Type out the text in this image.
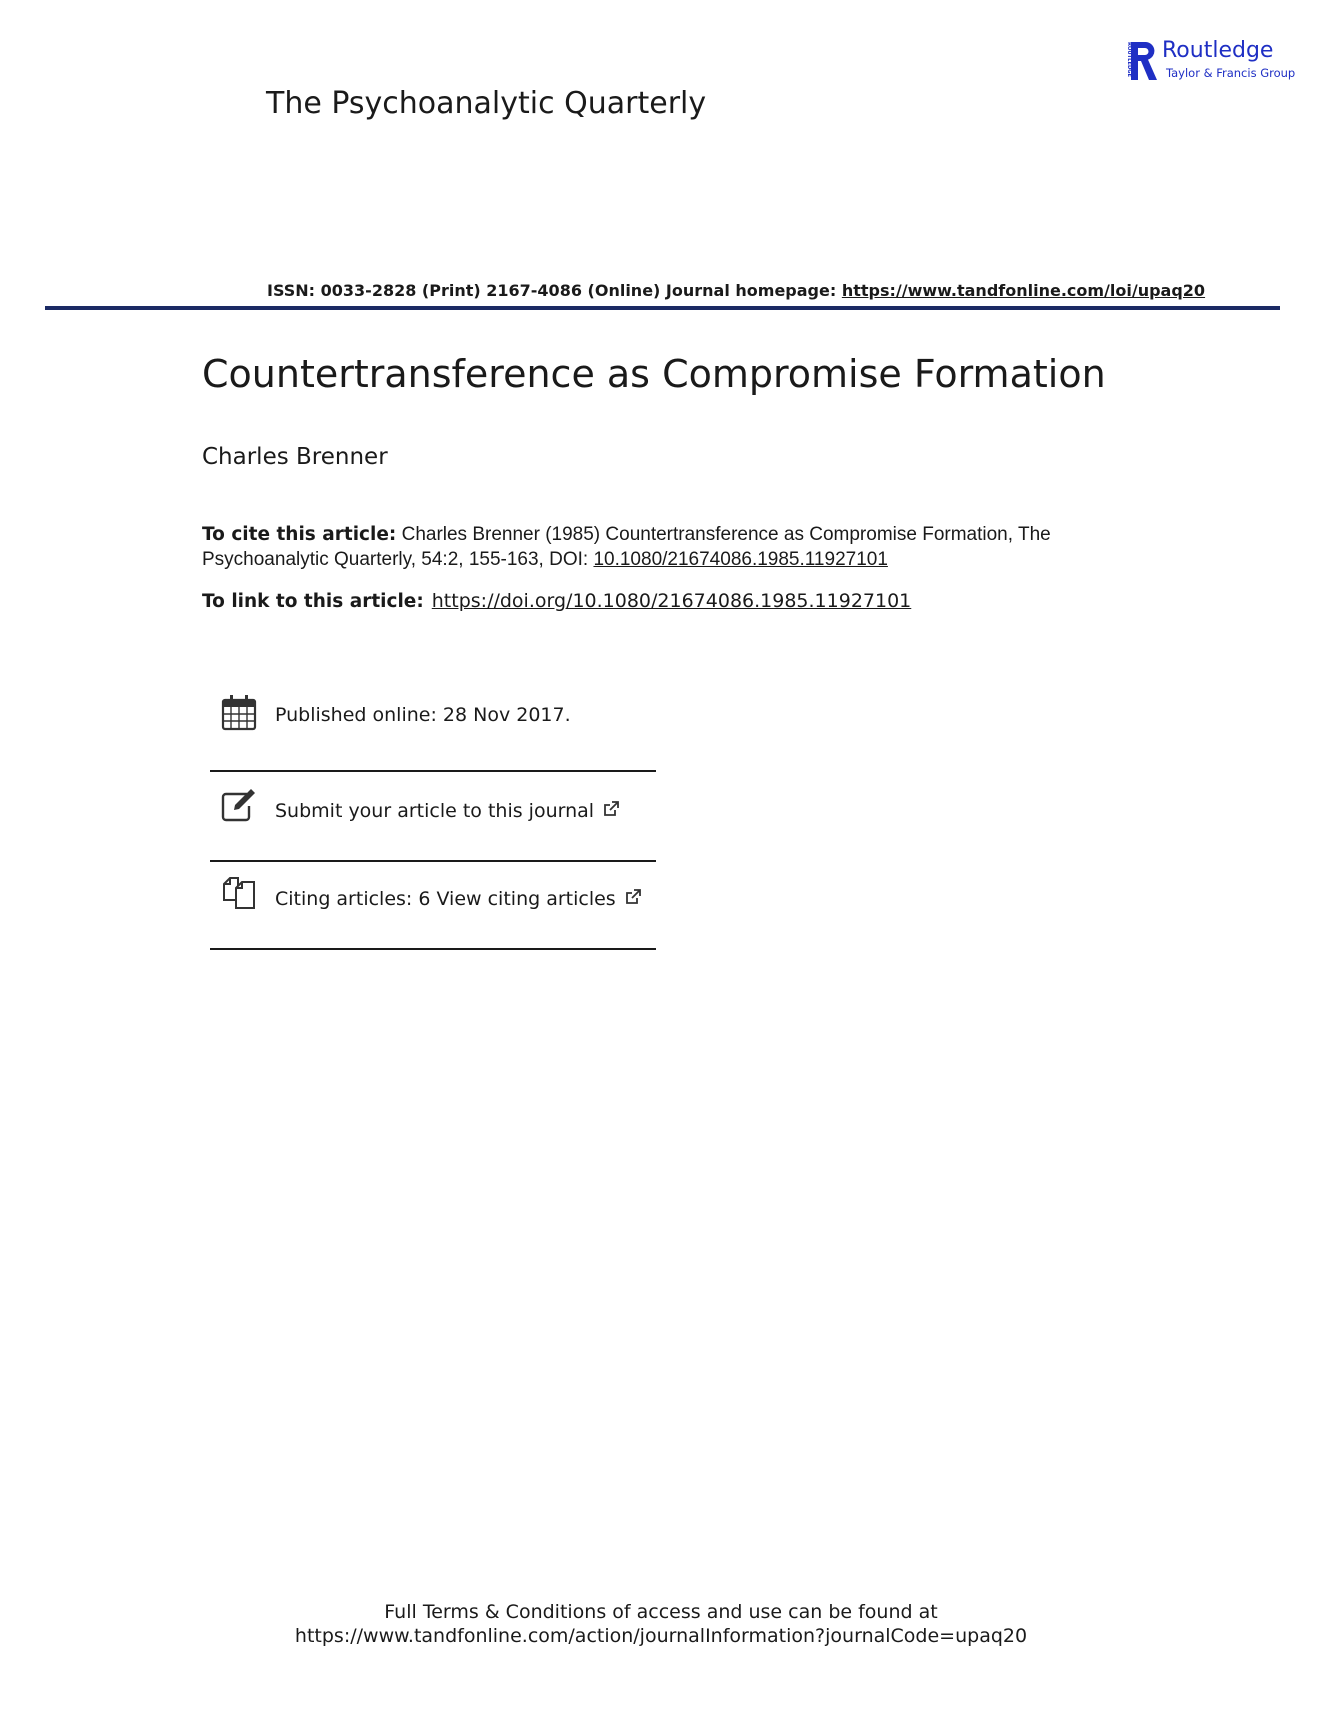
The Psychoanalytic Quarterly
ROUTLEDGE Routledge
Taylor & Francis Group
ISSN: 0033-2828 (Print) 2167-4086 (Online) Journal homepage: https://www.tandfonline.com/loi/upaq20
Countertransference as Compromise Formation
Charles Brenner
To cite this article: Charles Brenner (1985) Countertransference as Compromise Formation, The Psychoanalytic Quarterly, 54:2, 155-163, DOI: 10.1080/21674086.1985.11927101
To link to this article: https://doi.org/10.1080/21674086.1985.11927101
Published online: 28 Nov 2017.
Submit your article to this journal
Citing articles: 6 View citing articles
Full Terms & Conditions of access and use can be found at
https://www.tandfonline.com/action/journalInformation?journalCode=upaq20
